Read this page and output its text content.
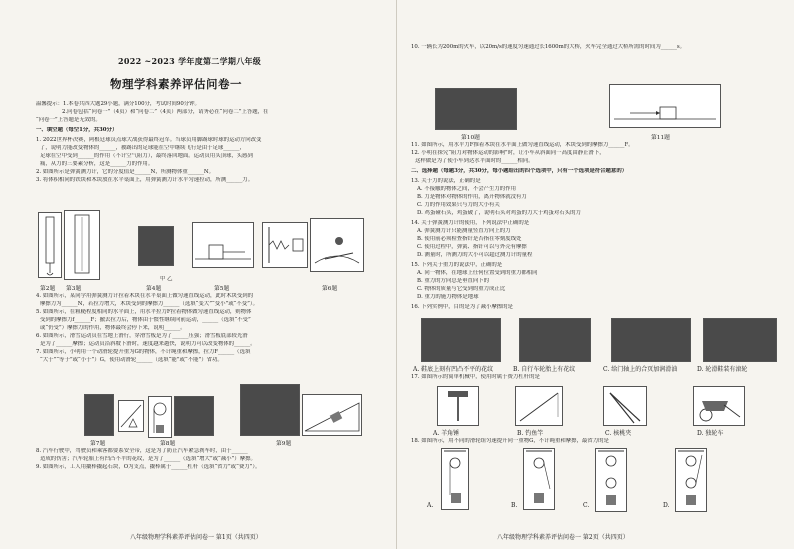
2022 ~2023 学年度第二学期八年级
物理学科素养评估问卷一
温馨提示：1.本卷共四大题29小题，满分100分，考试时间90分钟。
2.问卷包括“问卷一”（4页）和“问卷二”（4页）两部分，请务必在“问卷二”上答题，在
“问卷一”上答题是无效的。
一、填空题（每空1分，共30分）
1. 2022世界杯决赛，阿根廷球员点球大战获得最终冠军。当球员用脚踢球时球的运动方向改变
了，说明力能改变物体的______，被踢出的足球能在空中继续飞行是由于足球______，
足球在空中受到______的作用（不计空气阻力），最终落回地面。运动员用头顶球，头感到
痛，从力的三要素分析，这是______力的作用。
2. 如图所示是弹簧测力计，它的分度值是______N，所测物体重______N。
3. 将体积相同的铁块和木块放在水平桌面上，用弹簧测力计水平匀速拉动，所测______力。
甲 乙
第2题 第3题	第4题	第5题	第6题
4. 如图所示，某同学用弹簧测力计拉着木块在水平桌面上做匀速直线运动，此时木块受到的
摩擦力为______N，若拉力增大，木块受到的摩擦力______（选填“变大”“变小”或“不变”）。
5. 如图所示，在粗糙程度相同的水平面上，用水平拉力F拉着物体做匀速直线运动，则物体
受到的摩擦力f______F；撤去拉力后，物体由于惯性继续向前运动，______（选填“不受”
或“仍受”）摩擦力的作用，物体最终会停下来，说明______。
6. 如图所示，滑雪运动员在雪地上滑行，穿滑雪板是为了______压强；滑雪板底部较光滑
是为了______摩擦；运动员沿斜坡下滑时，速度越来越快，说明力可以改变物体的______。
7. 如图所示，小明用一个动滑轮提升重为G的物体，不计绳重和摩擦，拉力F______（选填
“大于”“等于”或“小于”）G，使用动滑轮______（选填“能”或“不能”）省功。
第7题	第8题	第9题
8. 汽车行驶中，驾驶员和乘客都要系安全带，这是为了防止汽车紧急刹车时，由于______
造成的伤害；汽车轮胎上有凹凸不平的花纹，是为了______（选填“增大”或“减小”）摩擦。
9. 如图所示，工人用撬棒撬起石块，O为支点，撬棒属于______杠杆（选填“省力”或“费力”）。
八年级物理学科素养评估问卷一 第1页（共四页）
10. 一辆长为200m的火车，以20m/s的速度匀速通过长1600m的大桥，火车完全通过大桥所需的时间为______s。
第10题	第11题
11. 如图所示，用水平力F推着木块在水平面上做匀速直线运动，木块受到的摩擦力______F。
12. 小明在探究“阻力对物体运动的影响”时，让小车从斜面同一高度由静止滑下，
这样做是为了使小车到达水平面时的______相同。
二、选择题（每题3分，共30分，每小题给出的四个选项中，只有一个选项是符合题意的）
13. 关于力的说法，正确的是
A. 不接触的物体之间，不会产生力的作用
B. 力是物体对物体的作用，离开物体就没有力
C. 力的作用效果只与力的大小有关
D. 鸡蛋碰石头，鸡蛋破了，说明石头对鸡蛋的力大于鸡蛋对石头的力
14. 关于弹簧测力计的使用，下列说法中正确的是
A. 弹簧测力计只能测量竖直方向上的力
B. 使用前必须检查指针是否指在零刻度线处
C. 使用过程中，弹簧、指针可以与外壳有摩擦
D. 测量时，所测力的大小可以超过测力计的量程
15. 下列关于重力的说法中，正确的是
A. 同一物体，在地球上任何位置受到的重力都相同
B. 重力的方向总是垂直向下的
C. 物体的质量与它受到的重力成正比
D. 重力的施力物体是地球
16. 下列实例中，目的是为了减小摩擦的是
A. 鞋底上刻有凹凸不平的花纹	B. 自行车轮胎上有花纹	C. 给门轴上的合页加润滑油	D. 轮滑鞋装有滚轮
17. 如图所示的简单机械中，使用时属于费力杠杆的是
A. 羊角锤	B. 钓鱼竿	C. 核桃夹	D. 独轮车
18. 如图所示，用不同的滑轮组匀速提升同一重物G，不计绳重和摩擦，最省力的是
A.	B.	C.	D.
八年级物理学科素养评估问卷一 第2页（共四页）
